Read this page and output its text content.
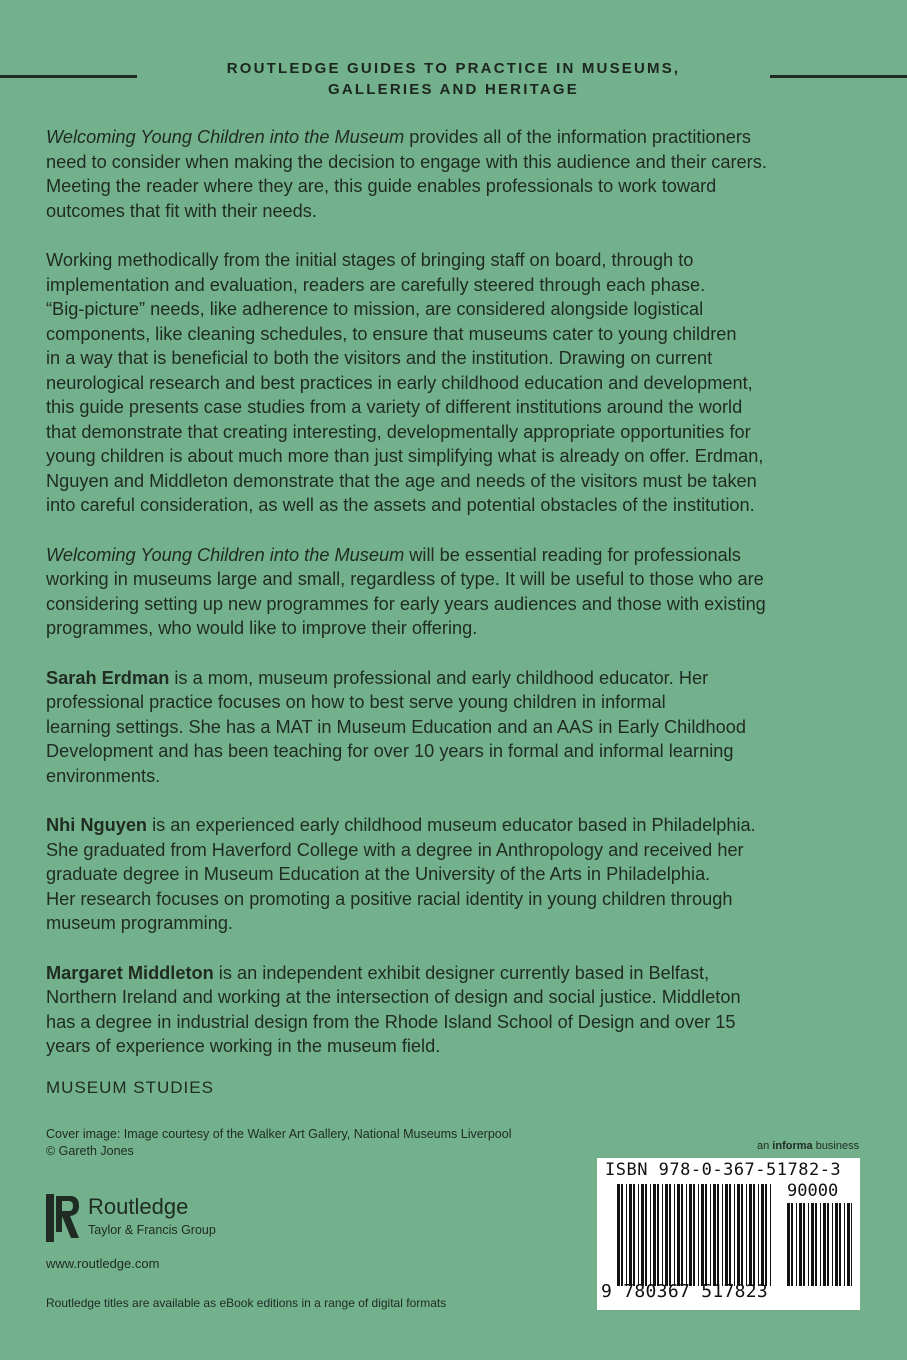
ROUTLEDGE GUIDES TO PRACTICE IN MUSEUMS,
GALLERIES AND HERITAGE

Welcoming Young Children into the Museum provides all of the information practitioners
need to consider when making the decision to engage with this audience and their carers.
Meeting the reader where they are, this guide enables professionals to work toward
outcomes that fit with their needs.

Working methodically from the initial stages of bringing staff on board, through to
implementation and evaluation, readers are carefully steered through each phase.
“Big-picture” needs, like adherence to mission, are considered alongside logistical
components, like cleaning schedules, to ensure that museums cater to young children
in a way that is beneficial to both the visitors and the institution. Drawing on current
neurological research and best practices in early childhood education and development,
this guide presents case studies from a variety of different institutions around the world
that demonstrate that creating interesting, developmentally appropriate opportunities for
young children is about much more than just simplifying what is already on offer. Erdman,
Nguyen and Middleton demonstrate that the age and needs of the visitors must be taken
into careful consideration, as well as the assets and potential obstacles of the institution.

Welcoming Young Children into the Museum will be essential reading for professionals
working in museums large and small, regardless of type. It will be useful to those who are
considering setting up new programmes for early years audiences and those with existing
programmes, who would like to improve their offering.

Sarah Erdman is a mom, museum professional and early childhood educator. Her
professional practice focuses on how to best serve young children in informal
learning settings. She has a MAT in Museum Education and an AAS in Early Childhood
Development and has been teaching for over 10 years in formal and informal learning
environments.

Nhi Nguyen is an experienced early childhood museum educator based in Philadelphia.
She graduated from Haverford College with a degree in Anthropology and received her
graduate degree in Museum Education at the University of the Arts in Philadelphia.
Her research focuses on promoting a positive racial identity in young children through
museum programming.

Margaret Middleton is an independent exhibit designer currently based in Belfast,
Northern Ireland and working at the intersection of design and social justice. Middleton
has a degree in industrial design from the Rhode Island School of Design and over 15
years of experience working in the museum field.

MUSEUM STUDIES
Cover image: Image courtesy of the Walker Art Gallery, National Museums Liverpool
© Gareth Jones
Routledge
Taylor & Francis Group
www.routledge.com
Routledge titles are available as eBook editions in a range of digital formats
an informa business
ISBN 978-0-367-51782-3
90000
9 780367 517823
